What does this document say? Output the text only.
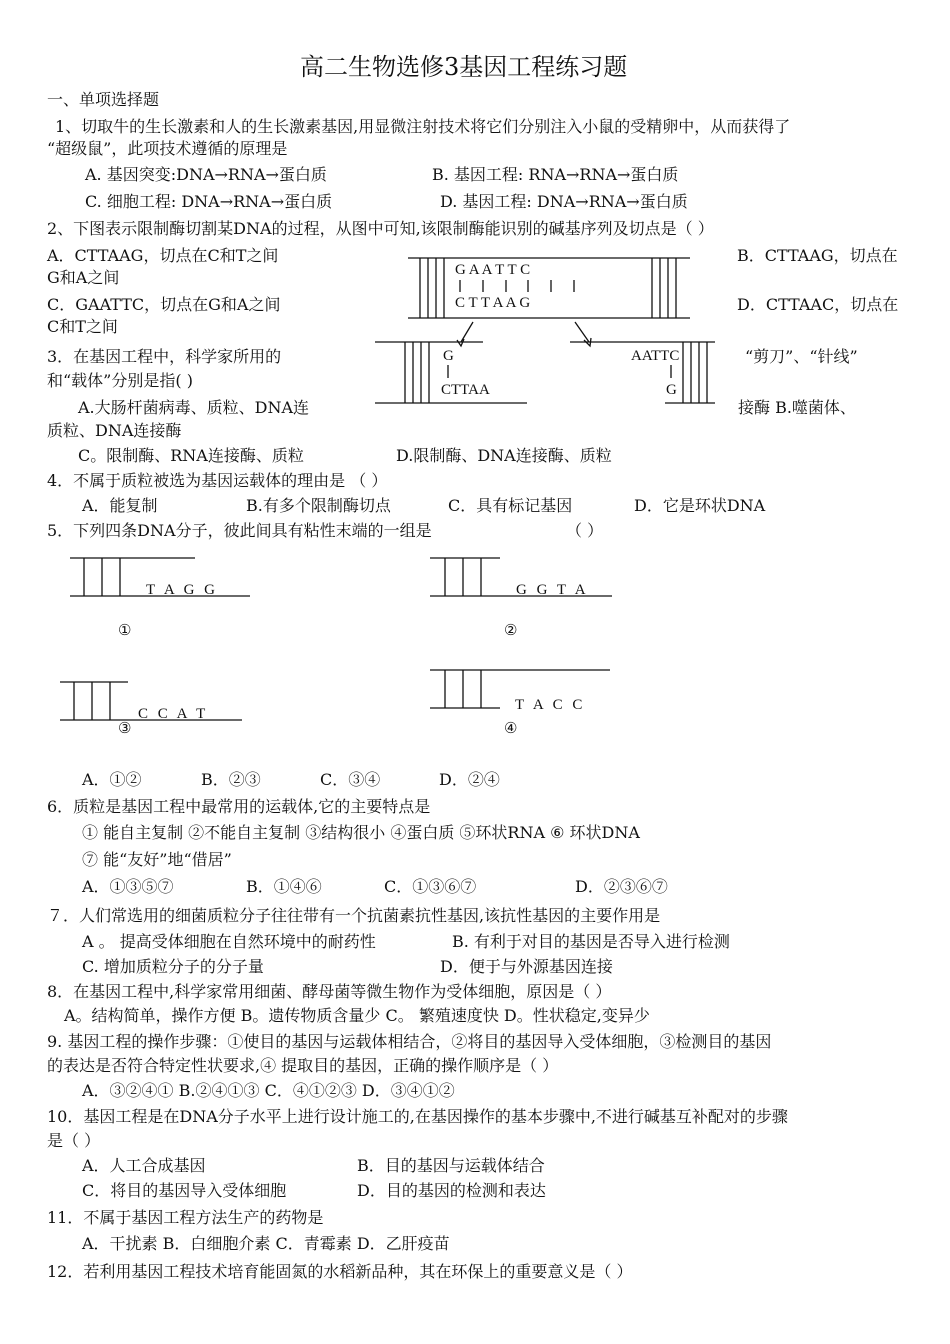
高二生物选修3基因工程练习题
一、单项选择题
1、切取牛的生长激素和人的生长激素基因,用显微注射技术将它们分别注入小鼠的受精卵中，从而获得了
“超级鼠”，此项技术遵循的原理是
A. 基因突变:DNA→RNA→蛋白质	B. 基因工程: RNA→RNA→蛋白质
C. 细胞工程: DNA→RNA→蛋白质	D. 基因工程: DNA→RNA→蛋白质
2、下图表示限制酶切割某DNA的过程，从图中可知,该限制酶能识别的碱基序列及切点是（ ）
A．CTTAAG，切点在C和T之间
G和A之间
B．CTTAAG，切点在
C．GAATTC，切点在G和A之间
C和T之间
D．CTTAAC，切点在
G A A T T C
C T T A A G
G
CTTAA
AATTC
G
3．在基因工程中，科学家所用的	“剪刀”、“针线”
和“载体”分别是指( )
A.大肠杆菌病毒、质粒、DNA连	接酶 B.噬菌体、
质粒、DNA连接酶
C。限制酶、RNA连接酶、质粒	D.限制酶、DNA连接酶、质粒
4．不属于质粒被选为基因运载体的理由是 （ ）
A．能复制	B.有多个限制酶切点	C．具有标记基因	D．它是环状DNA
5．下列四条DNA分子，彼此间具有粘性末端的一组是	（ ）
T A G G
①
G G T A
②
C C A T
③
T A C C
④
A．①②	B．②③	C．③④	D．②④
6．质粒是基因工程中最常用的运载体,它的主要特点是
① 能自主复制 ②不能自主复制 ③结构很小 ④蛋白质 ⑤环状RNA ⑥ 环状DNA
⑦ 能“友好”地“借居”
A．①③⑤⑦	B．①④⑥	C．①③⑥⑦	D．②③⑥⑦
７．人们常选用的细菌质粒分子往往带有一个抗菌素抗性基因,该抗性基因的主要作用是
A 。 提高受体细胞在自然环境中的耐药性	B. 有利于对目的基因是否导入进行检测
C. 增加质粒分子的分子量	D．便于与外源基因连接
8．在基因工程中,科学家常用细菌、酵母菌等微生物作为受体细胞，原因是（ ）
A。结构简单，操作方便 B。遗传物质含量少 C。 繁殖速度快 D。性状稳定,变异少
9. 基因工程的操作步骤：①使目的基因与运载体相结合，②将目的基因导入受体细胞，③检测目的基因
的表达是否符合特定性状要求,④ 提取目的基因，正确的操作顺序是（ ）
A．③②④① B.②④①③ C．④①②③ D．③④①②
10．基因工程是在DNA分子水平上进行设计施工的,在基因操作的基本步骤中,不进行碱基互补配对的步骤
是（ ）
A．人工合成基因	B．目的基因与运载体结合
C．将目的基因导入受体细胞	D．目的基因的检测和表达
11．不属于基因工程方法生产的药物是
A．干扰素 B．白细胞介素 C．青霉素 D．乙肝疫苗
12．若利用基因工程技术培育能固氮的水稻新品种，其在环保上的重要意义是（ ）
